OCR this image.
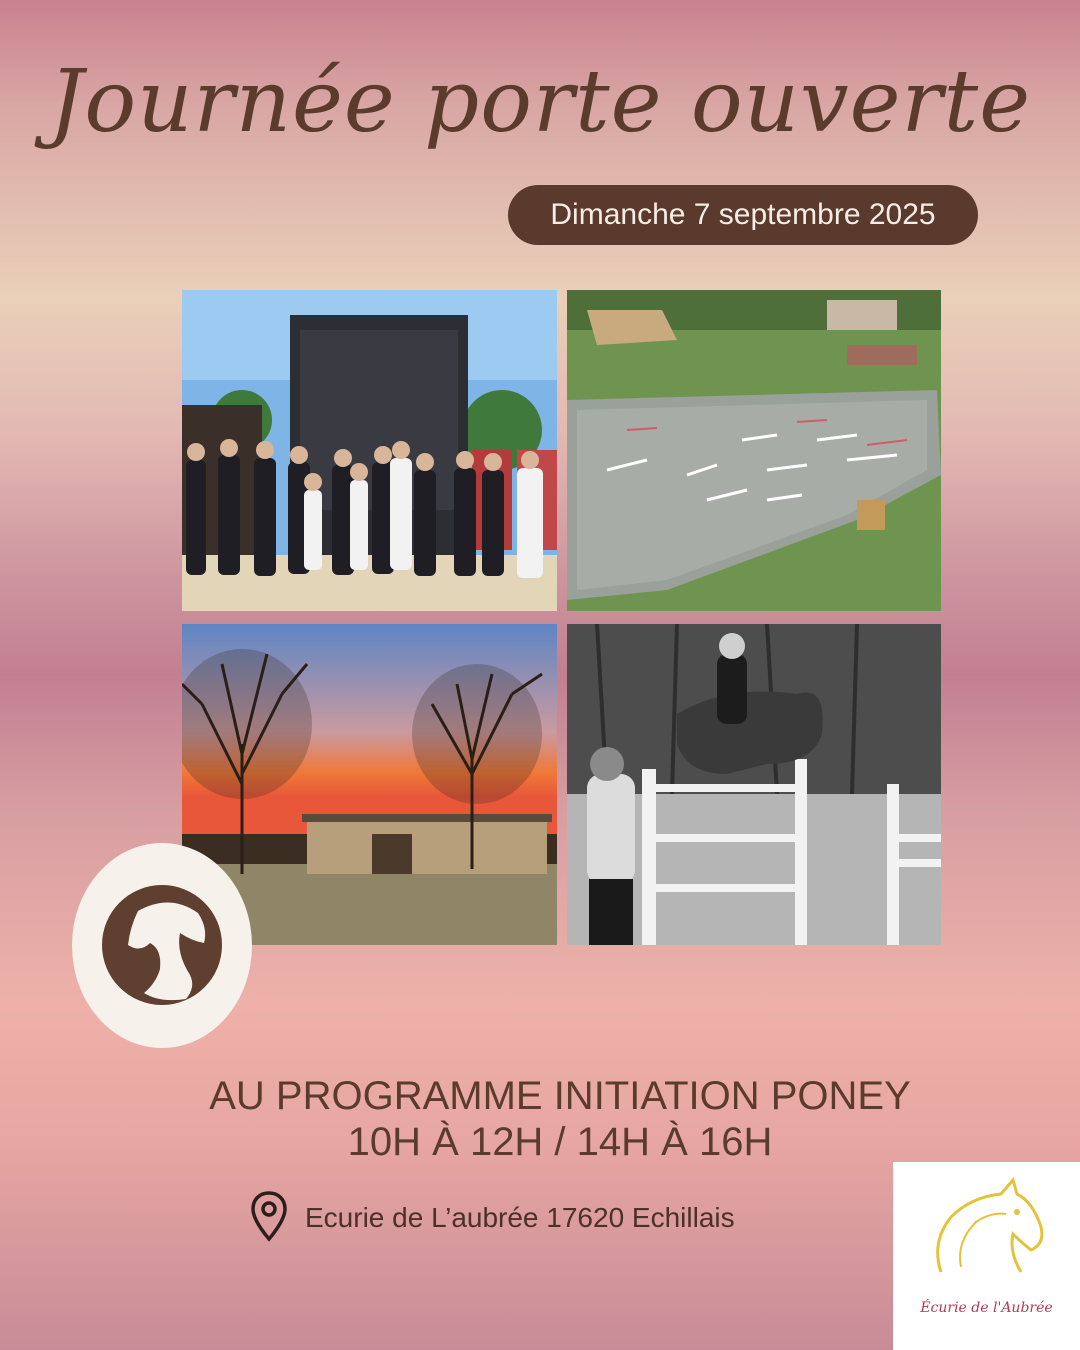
Journée porte ouverte
Dimanche 7 septembre 2025
AU PROGRAMME INITIATION PONEY
10H À 12H / 14H À 16H
Ecurie de L’aubrée 17620 Echillais
Écurie de l'Aubrée
